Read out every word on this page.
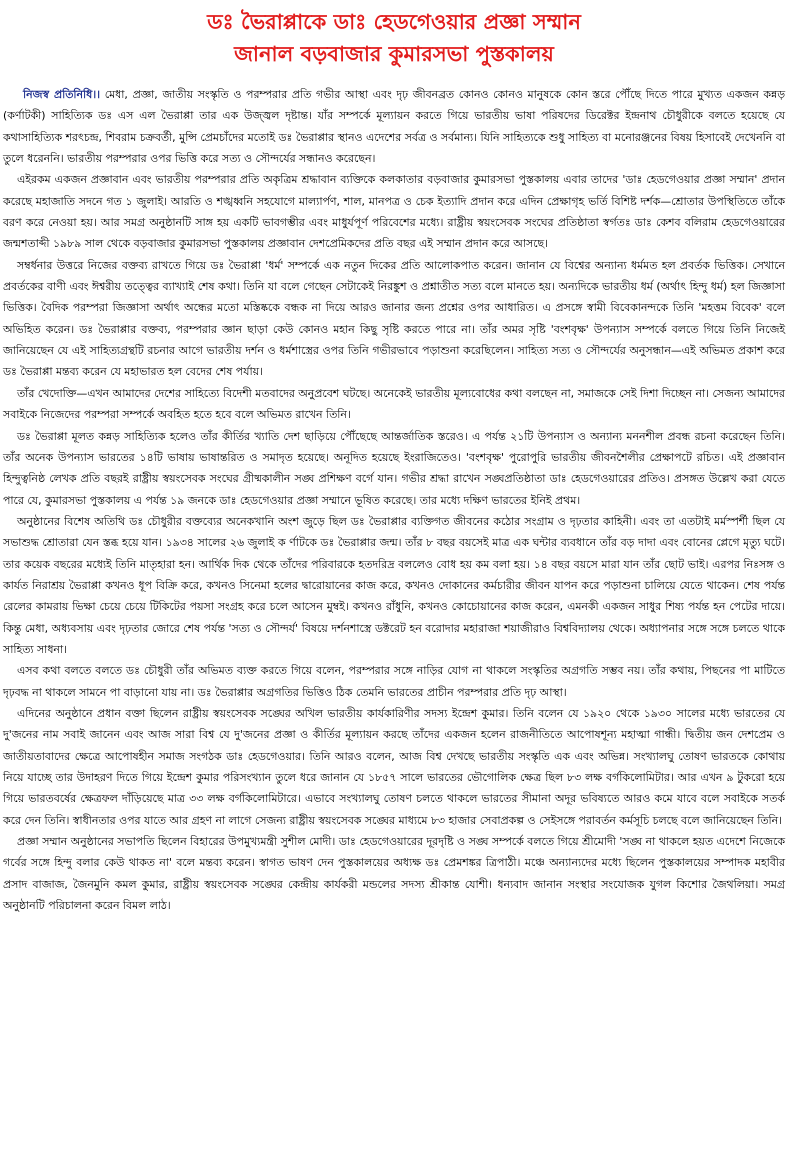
ডঃ ভৈরাপ্পাকে ডাঃ হেডগেওয়ার প্রজ্ঞা সম্মান
জানাল বড়বাজার কুমারসভা পুস্তকালয়

নিজস্ব প্রতিনিধি।। মেধা, প্রজ্ঞা, জাতীয় সংস্কৃতি ও পরম্পরার প্রতি গভীর আস্থা এবং দৃঢ় জীবনব্রত কোনও কোনও মানুষকে কোন স্তরে পৌঁছে দিতে পারে মুখ্যত একজন কন্নড় (কর্ণাটকী) সাহিত্যিক ডঃ এস এল ভৈরাপ্পা তার এক উজ্জ্বল দৃষ্টান্ত। যাঁর সম্পর্কে মূল্যায়ন করতে গিয়ে ভারতীয় ভাষা পরিষদের ডিরেক্টর ইন্দ্রনাথ চৌধুরীকে বলতে হয়েছে যে কথাসাহিত্যিক শরৎচন্দ্র, শিবরাম চক্রবর্তী, মুন্সি প্রেমচাঁদের মতোই ডঃ ভৈরাপ্পার স্থানও এদেশের সর্বত্র ও সর্বমান্য। যিনি সাহিত্যকে শুধু সাহিত্য বা মনোরঞ্জনের বিষয় হিসাবেই দেখেননি বা তুলে ধরেননি। ভারতীয় পরম্পরার ওপর ভিত্তি করে সত্য ও সৌন্দর্যের সন্ধানও করেছেন।

এইরকম একজন প্রজ্ঞাবান এবং ভারতীয় পরম্পরার প্রতি অকৃত্রিম শ্রদ্ধাবান ব্যক্তিকে কলকাতার বড়বাজার কুমারসভা পুস্তকালয় এবার তাদের 'ডাঃ হেডগেওয়ার প্রজ্ঞা সম্মান' প্রদান করেছে মহাজাতি সদনে গত ১ জুলাই। আরতি ও শঙ্খধ্বনি সহযোগে মাল্যার্পণ, শাল, মানপত্র ও চেক ইত্যাদি প্রদান করে এদিন প্রেক্ষাগৃহ ভর্তি বিশিষ্ট দর্শক—শ্রোতার উপস্থিতিতে তাঁকে বরণ করে নেওয়া হয়। আর সমগ্র অনুষ্ঠানটি সাঙ্গ হয় একটি ভাবগম্ভীর এবং মাধুর্যপূর্ণ পরিবেশের মধ্যে। রাষ্ট্রীয় স্বয়ংসেবক সংঘের প্রতিষ্ঠাতা স্বর্গতঃ ডাঃ কেশব বলিরাম হেডগেওয়ারের জন্মশতাব্দী ১৯৮৯ সাল থেকে বড়বাজার কুমারসভা পুস্তকালয় প্রজ্ঞাবান দেশপ্রেমিকদের প্রতি বছর এই সম্মান প্রদান করে আসছে।

সম্বর্ধনার উত্তরে নিজের বক্তব্য রাখতে গিয়ে ডঃ ভৈরাপ্পা 'ধর্ম' সম্পর্কে এক নতুন দিকের প্রতি আলোকপাত করেন। জানান যে বিশ্বের অন্যান্য ধর্মমত হল প্রবর্তক ভিত্তিক। সেখানে প্রবর্তকের বাণী এবং ঈশ্বরীয় তত্ত্বের ব্যাখ্যাই শেষ কথা। তিনি যা বলে গেছেন সেটাকেই নিরঙ্কুশ ও প্রশ্নাতীত সত্য বলে মানতে হয়। অন্যদিকে ভারতীয় ধর্ম (অর্থাৎ হিন্দু ধর্ম) হল জিজ্ঞাসা ভিত্তিক। বৈদিক পরম্পরা জিজ্ঞাসা অর্থাৎ অন্ধের মতো মস্তিষ্ককে বন্ধক না দিয়ে আরও জানার জন্য প্রশ্নের ওপর আধারিত। এ প্রসঙ্গে স্বামী বিবেকানন্দকে তিনি 'মহত্তম বিবেক' বলে অভিহিত করেন। ডঃ ভৈরাপ্পার বক্তব্য, পরম্পরার জ্ঞান ছাড়া কেউ কোনও মহান কিছু সৃষ্টি করতে পারে না। তাঁর অমর সৃষ্টি 'বংশবৃক্ষ' উপন্যাস সম্পর্কে বলতে গিয়ে তিনি নিজেই জানিয়েছেন যে এই সাহিত্যগ্রন্থটি রচনার আগে ভারতীয় দর্শন ও ধর্মশাস্ত্রের ওপর তিনি গভীরভাবে পড়াশুনা করেছিলেন। সাহিত্য সত্য ও সৌন্দর্যের অনুসন্ধান—এই অভিমত প্রকাশ করে ডঃ ভৈরাপ্পা মন্তব্য করেন যে মহাভারত হল বেদের শেষ পর্যায়।

তাঁর খেদোক্তি—এখন আমাদের দেশের সাহিত্যে বিদেশী মতবাদের অনুপ্রবেশ ঘটছে। অনেকেই ভারতীয় মূল্যবোধের কথা বলছেন না, সমাজকে সেই দিশা দিচ্ছেন না। সেজন্য আমাদের সবাইকে নিজেদের পরম্পরা সম্পর্কে অবহিত হতে হবে বলে অভিমত রাখেন তিনি।

ডঃ ভৈরাপ্পা মূলত কন্নড় সাহিত্যিক হলেও তাঁর কীর্তির খ্যাতি দেশ ছাড়িয়ে পৌঁছেছে আন্তর্জাতিক স্তরেও। এ পর্যন্ত ২১টি উপন্যাস ও অন্যান্য মননশীল প্রবন্ধ রচনা করেছেন তিনি। তাঁর অনেক উপন্যাস ভারতের ১৪টি ভাষায় ভাষান্তরিত ও সমাদৃত হয়েছে। অনূদিত হয়েছে ইংরাজিতেও। 'বংশবৃক্ষ' পুরোপুরি ভারতীয় জীবনশৈলীর প্রেক্ষাপটে রচিত। এই প্রজ্ঞাবান হিন্দুত্বনিষ্ঠ লেখক প্রতি বছরই রাষ্ট্রীয় স্বয়ংসেবক সংঘের গ্রীষ্মকালীন সঙ্ঘ প্রশিক্ষণ বর্গে যান। গভীর শ্রদ্ধা রাখেন সঙ্ঘপ্রতিষ্ঠাতা ডাঃ হেডগেওয়ারের প্রতিও। প্রসঙ্গত উল্লেখ করা যেতে পারে যে, কুমারসভা পুস্তকালয় এ পর্যন্ত ১৯ জনকে ডাঃ হেডগেওয়ার প্রজ্ঞা সম্মানে ভূষিত করেছে। তার মধ্যে দক্ষিণ ভারতের ইনিই প্রথম।

অনুষ্ঠানের বিশেষ অতিথি ডঃ চৌধুরীর বক্তব্যের অনেকখানি অংশ জুড়ে ছিল ডঃ ভৈরাপ্পার ব্যক্তিগত জীবনের কঠোর সংগ্রাম ও দৃঢ়তার কাহিনী। এবং তা এতটাই মর্মস্পর্শী ছিল যে সভাশুদ্ধ শ্রোতারা যেন স্তব্ধ হয়ে যান। ১৯৩৪ সালের ২৬ জুলাই ক র্ণাটকে ডঃ ভৈরাপ্পার জন্ম। তাঁর ৮ বছর বয়সেই মাত্র এক ঘন্টার ব্যবধানে তাঁর বড় দাদা এবং বোনের প্লেগে মৃত্যু ঘটে। তার কয়েক বছরের মধ্যেই তিনি মাতৃহারা হন। আর্থিক দিক থেকে তাঁদের পরিবারকে হতদরিদ্র বললেও বোধ হয় কম বলা হয়। ১৪ বছর বয়সে মারা যান তাঁর ছোট ভাই। এরপর নিঃসঙ্গ ও কার্যত নিরাশ্রয় ভৈরাপ্পা কখনও ধূপ বিক্রি করে, কখনও সিনেমা হলের দ্বারোয়ানের কাজ করে, কখনও দোকানের কর্মচারীর জীবন যাপন করে পড়াশুনা চালিয়ে যেতে থাকেন। শেষ পর্যন্ত রেলের কামরায় ভিক্ষা চেয়ে চেয়ে টিকিটের পয়সা সংগ্রহ করে চলে আসেন মুম্বই। কখনও রাঁধুনি, কখনও কোচোয়ানের কাজ করেন, এমনকী একজন সাধুর শিষ্য পর্যন্ত হন পেটের দায়ে। কিন্তু মেধা, অধ্যবসায় এবং দৃঢ়তার জোরে শেষ পর্যন্ত 'সত্য ও সৌন্দর্য' বিষয়ে দর্শনশাস্ত্রে ডক্টরেট হন বরোদার মহারাজা শয়াজীরাও বিশ্ববিদ্যালয় থেকে। অধ্যাপনার সঙ্গে সঙ্গে চলতে থাকে সাহিত্য সাধনা।

এসব কথা বলতে বলতে ডঃ চৌধুরী তাঁর অভিমত ব্যক্ত করতে গিয়ে বলেন, পরম্পরার সঙ্গে নাড়ির যোগ না থাকলে সংস্কৃতির অগ্রগতি সম্ভব নয়। তাঁর কথায়, পিছনের পা মাটিতে দৃঢ়বদ্ধ না থাকলে সামনে পা বাড়ানো যায় না। ডঃ ভৈরাপ্পার অগ্রগতির ভিত্তিও ঠিক তেমনি ভারতের প্রাচীন পরম্পরার প্রতি দৃঢ় আস্থা।

এদিনের অনুষ্ঠানে প্রধান বক্তা ছিলেন রাষ্ট্রীয় স্বয়ংসেবক সঙ্ঘের অখিল ভারতীয় কার্যকারিণীর সদস্য ইন্দ্রেশ কুমার। তিনি বলেন যে ১৯২০ থেকে ১৯৩০ সালের মধ্যে ভারতের যে দু'জনের নাম সবাই জানেন এবং আজ সারা বিশ্ব যে দু'জনের প্রজ্ঞা ও কীর্তির মূল্যায়ন করছে তাঁদের একজন হলেন রাজনীতিতে আপোষশূন্য মহাত্মা গান্ধী। দ্বিতীয় জন দেশপ্রেম ও জাতীয়তাবাদের ক্ষেত্রে আপোষহীন সমাজ সংগঠক ডাঃ হেডগেওয়ার। তিনি আরও বলেন, আজ বিশ্ব দেখছে ভারতীয় সংস্কৃতি এক এবং অভিন্ন। সংখ্যালঘু তোষণ ভারতকে কোথায় নিয়ে যাচ্ছে তার উদাহরণ দিতে গিয়ে ইন্দ্রেশ কুমার পরিসংখ্যান তুলে ধরে জানান যে ১৮৫৭ সালে ভারতের ভৌগোলিক ক্ষেত্র ছিল ৮৩ লক্ষ বর্গকিলোমিটার। আর এখন ৯ টুকরো হয়ে গিয়ে ভারতবর্ষের ক্ষেত্রফল দাঁড়িয়েছে মাত্র ৩৩ লক্ষ বর্গকিলোমিটারে। এভাবে সংখ্যালঘু তোষণ চলতে থাকলে ভারতের সীমানা অদূর ভবিষ্যতে আরও কমে যাবে বলে সবাইকে সতর্ক করে দেন তিনি। স্বাধীনতার ওপর যাতে আর গ্রহণ না লাগে সেজন্য রাষ্ট্রীয় স্বয়ংসেবক সঙ্ঘের মাধ্যমে ৮৩ হাজার সেবাপ্রকল্প ও সেইসঙ্গে পরাবর্তন কর্মসূচি চলছে বলে জানিয়েছেন তিনি।

প্রজ্ঞা সম্মান অনুষ্ঠানের সভাপতি ছিলেন বিহারের উপমুখ্যমন্ত্রী সুশীল মোদী। ডাঃ হেডগেওয়ারের দূরদৃষ্টি ও সঙ্ঘ সম্পর্কে বলতে গিয়ে শ্রীমোদী 'সঙ্ঘ না থাকলে হয়ত এদেশে নিজেকে গর্বের সঙ্গে হিন্দু বলার কেউ থাকত না' বলে মন্তব্য করেন। স্বাগত ভাষণ দেন পুস্তকালয়ের অধ্যক্ষ ডঃ প্রেমশঙ্কর ত্রিপাঠী। মঞ্চে অন্যান্যদের মধ্যে ছিলেন পুস্তকালয়ের সম্পাদক মহাবীর প্রসাদ বাজাজ, জৈনমুনি কমল কুমার, রাষ্ট্রীয় স্বয়ংসেবক সঙ্ঘের কেন্দ্রীয় কার্যকরী মন্ডলের সদস্য শ্রীকান্ত যোশী। ধন্যবাদ জানান সংস্থার সংযোজক যুগল কিশোর জৈথলিয়া। সমগ্র অনুষ্ঠানটি পরিচালনা করেন বিমল লাঠ।
